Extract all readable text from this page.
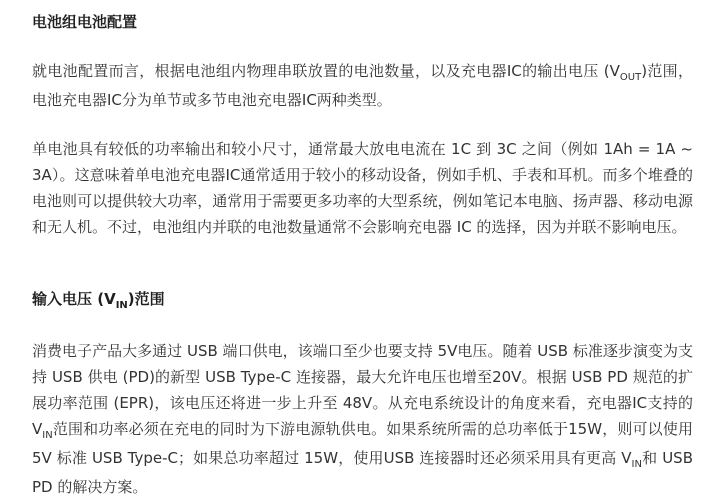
电池组电池配置

就电池配置而言，根据电池组内物理串联放置的电池数量，以及充电器IC的输出电压 $(V_{OUT})$范围，电池充电器IC分为单节或多节电池充电器IC两种类型。

单电池具有较低的功率输出和较小尺寸，通常最大放电电流在 1C 到 3C 之间（例如 1Ah = 1A ~ 3A）。这意味着单电池充电器IC通常适用于较小的移动设备，例如手机、手表和耳机。而多个堆叠的电池则可以提供较大功率，通常用于需要更多功率的大型系统，例如笔记本电脑、扬声器、移动电源和无人机。不过，电池组内并联的电池数量通常不会影响充电器 IC 的选择，因为并联不影响电压。

输入电压 $(V_{IN})$范围

消费电子产品大多通过 USB 端口供电，该端口至少也要支持 5V电压。随着 USB 标准逐步演变为支持 USB 供电 (PD)的新型 USB Type-C 连接器，最大允许电压也增至20V。根据 USB PD 规范的扩展功率范围 (EPR)，该电压还将进一步上升至 48V。从充电系统设计的角度来看，充电器IC支持的$V_{IN}$范围和功率必须在充电的同时为下游电源轨供电。如果系统所需的总功率低于15W，则可以使用 5V 标准 USB Type-C；如果总功率超过 15W，使用USB 连接器时还必须采用具有更高 $V_{IN}$和 USB PD 的解决方案。
